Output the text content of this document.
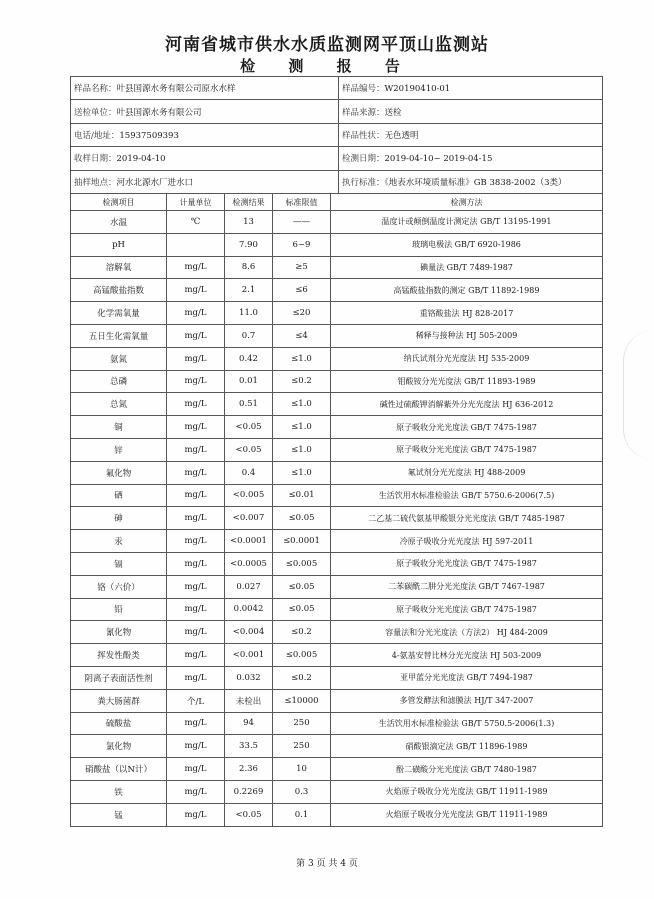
河南省城市供水水质监测网平顶山监测站
检 测 报 告
样品名称：叶县国源水务有限公司原水水样	样品编号：W20190410-01
送检单位：叶县国源水务有限公司	样品来源：送检
电话/地址：15937509393	样品性状：无色透明
收样日期：2019-04-10	检测日期：2019-04-10~ 2019-04-15
抽样地点：河水北源水厂进水口	执行标准：《地表水环境质量标准》GB 3838-2002（3类）
检测项目	计量单位	检测结果	标准限值	检测方法
水温	℃	13	——	温度计或颠倒温度计测定法 GB/T 13195-1991
pH		7.90	6~9	玻璃电极法 GB/T 6920-1986
溶解氧	mg/L	8.6	≥5	碘量法 GB/T 7489-1987
高锰酸盐指数	mg/L	2.1	≤6	高锰酸盐指数的测定 GB/T 11892-1989
化学需氧量	mg/L	11.0	≤20	重铬酸盐法 HJ 828-2017
五日生化需氧量	mg/L	0.7	≤4	稀释与接种法 HJ 505-2009
氨氮	mg/L	0.42	≤1.0	纳氏试剂分光光度法 HJ 535-2009
总磷	mg/L	0.01	≤0.2	钼酸铵分光光度法 GB/T 11893-1989
总氮	mg/L	0.51	≤1.0	碱性过硫酸钾消解紫外分光光度法 HJ 636-2012
铜	mg/L	<0.05	≤1.0	原子吸收分光光度法 GB/T 7475-1987
锌	mg/L	<0.05	≤1.0	原子吸收分光光度法 GB/T 7475-1987
氟化物	mg/L	0.4	≤1.0	氟试剂分光光度法 HJ 488-2009
硒	mg/L	<0.005	≤0.01	生活饮用水标准检验法 GB/T 5750.6-2006(7.5)
砷	mg/L	<0.007	≤0.05	二乙基二硫代氨基甲酸银分光光度法 GB/T 7485-1987
汞	mg/L	<0.0001	≤0.0001	冷原子吸收分光光度法 HJ 597-2011
镉	mg/L	<0.0005	≤0.005	原子吸收分光光度法 GB/T 7475-1987
铬（六价）	mg/L	0.027	≤0.05	二苯碳酰二肼分光光度法 GB/T 7467-1987
铅	mg/L	0.0042	≤0.05	原子吸收分光光度法 GB/T 7475-1987
氰化物	mg/L	<0.004	≤0.2	容量法和分光光度法（方法2） HJ 484-2009
挥发性酚类	mg/L	<0.001	≤0.005	4-氨基安替比林分光光度法 HJ 503-2009
阴离子表面活性剂	mg/L	0.032	≤0.2	亚甲蓝分光光度法 GB/T 7494-1987
粪大肠菌群	个/L	未检出	≤10000	多管发酵法和滤膜法 HJ/T 347-2007
硫酸盐	mg/L	94	250	生活饮用水标准检验法 GB/T 5750.5-2006(1.3)
氯化物	mg/L	33.5	250	硝酸银滴定法 GB/T 11896-1989
硝酸盐（以N计）	mg/L	2.36	10	酚二磺酸分光光度法 GB/T 7480-1987
铁	mg/L	0.2269	0.3	火焰原子吸收分光光度法 GB/T 11911-1989
锰	mg/L	<0.05	0.1	火焰原子吸收分光光度法 GB/T 11911-1989
第 3 页 共 4 页
